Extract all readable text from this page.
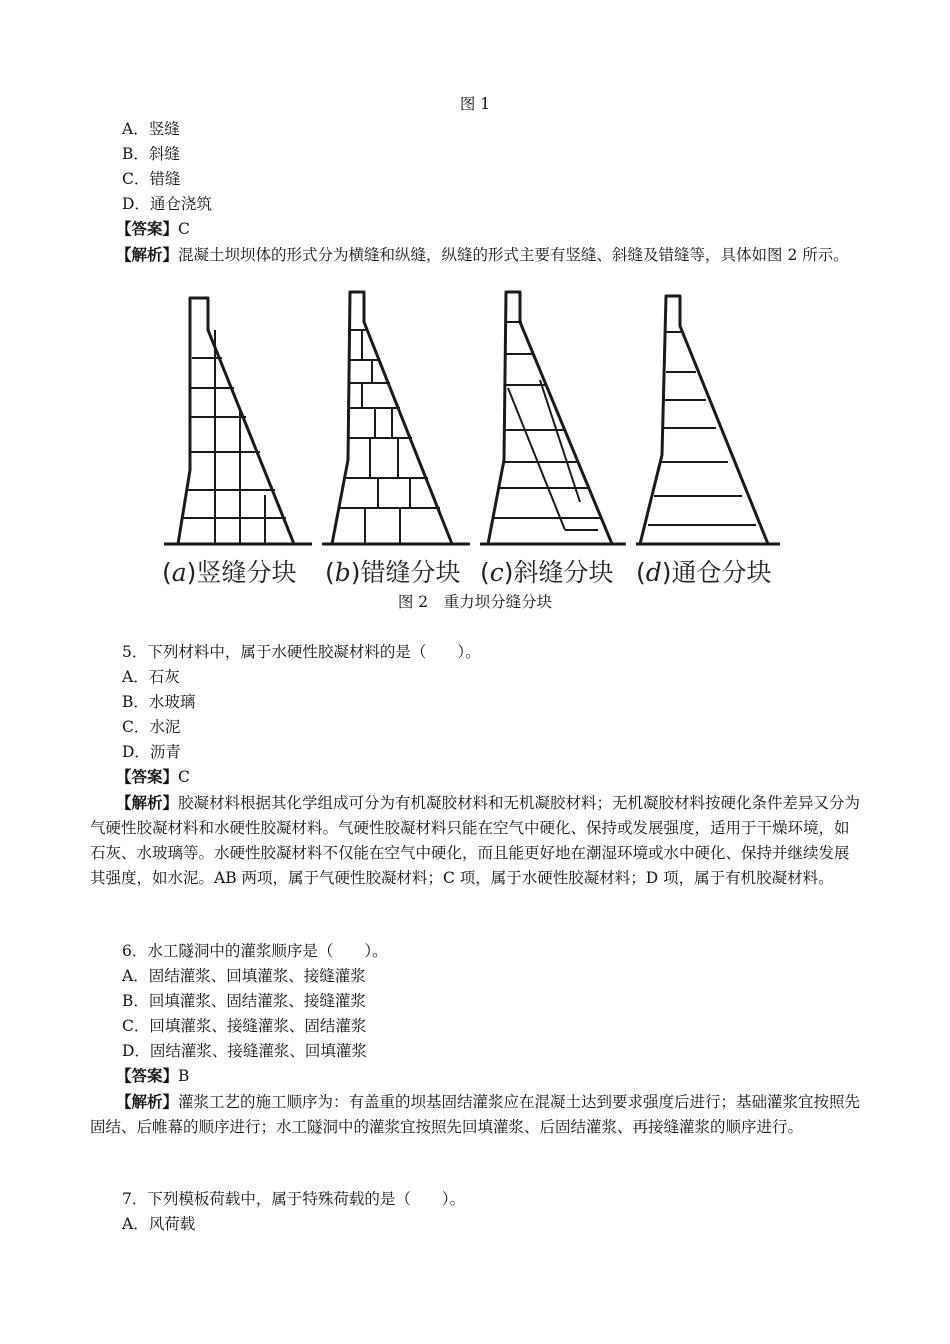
图 1
A．竖缝
B．斜缝
C．错缝
D．通仓浇筑
【答案】C
【解析】混凝土坝坝体的形式分为横缝和纵缝，纵缝的形式主要有竖缝、斜缝及错缝等，具体如图 2 所示。
(a)竖缝分块 (b)错缝分块 (c)斜缝分块 (d)通仓分块
图 2　重力坝分缝分块
5．下列材料中，属于水硬性胶凝材料的是（　　）。
A．石灰
B．水玻璃
C．水泥
D．沥青
【答案】C
【解析】胶凝材料根据其化学组成可分为有机凝胶材料和无机凝胶材料；无机凝胶材料按硬化条件差异又分为气硬性胶凝材料和水硬性胶凝材料。气硬性胶凝材料只能在空气中硬化、保持或发展强度，适用于干燥环境，如石灰、水玻璃等。水硬性胶凝材料不仅能在空气中硬化，而且能更好地在潮湿环境或水中硬化、保持并继续发展其强度，如水泥。AB 两项，属于气硬性胶凝材料；C 项，属于水硬性胶凝材料；D 项，属于有机胶凝材料。
6．水工隧洞中的灌浆顺序是（　　）。
A．固结灌浆、回填灌浆、接缝灌浆
B．回填灌浆、固结灌浆、接缝灌浆
C．回填灌浆、接缝灌浆、固结灌浆
D．固结灌浆、接缝灌浆、回填灌浆
【答案】B
【解析】灌浆工艺的施工顺序为：有盖重的坝基固结灌浆应在混凝土达到要求强度后进行；基础灌浆宜按照先固结、后帷幕的顺序进行；水工隧洞中的灌浆宜按照先回填灌浆、后固结灌浆、再接缝灌浆的顺序进行。
7．下列模板荷载中，属于特殊荷载的是（　　）。
A．风荷载
